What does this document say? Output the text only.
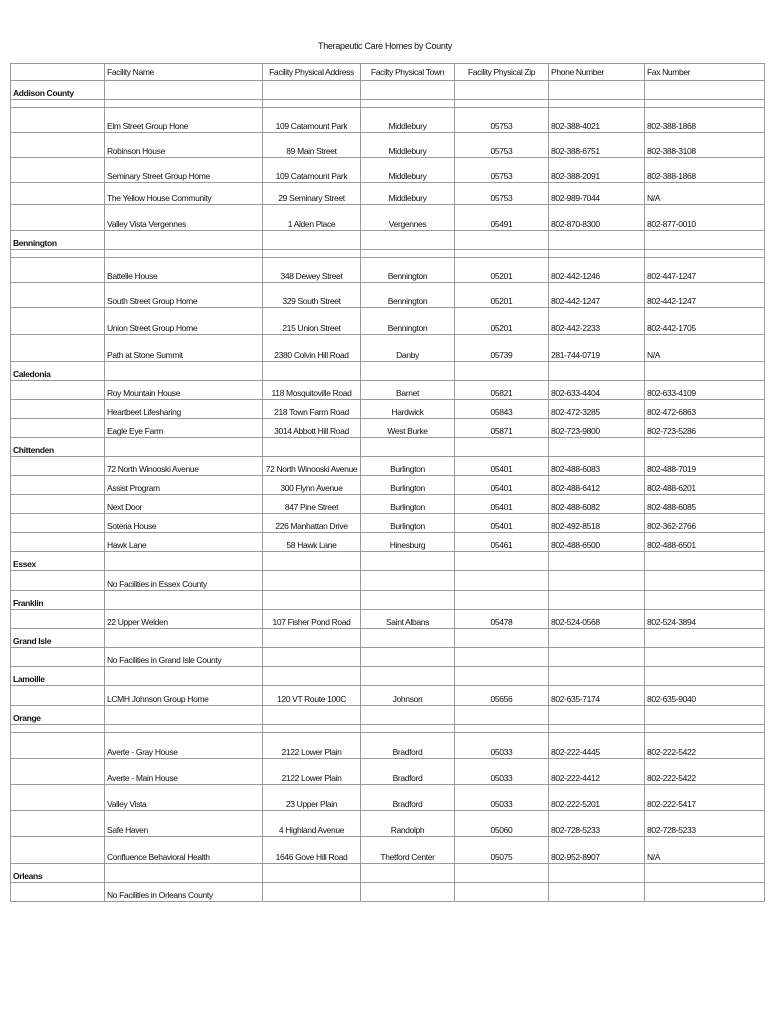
Therapeutic Care Homes by County
	Facility Name	Facility Physical Address	Facilty Physical Town	Facility Physical Zip	Phone Number	Fax Number
Addison County						

	Elm Street Group Hone	109 Catamount Park	Middlebury	05753	802-388-4021	802-388-1868
	Robinson House	89 Main Street	Middlebury	05753	802-388-6751	802-388-3108
	Seminary Street Group Home	109 Catamount Park	Middlebury	05753	802-388-2091	802-388-1868
	The Yellow House Community	29 Seminary Street	Middlebury	05753	802-989-7044	N/A
	Valley Vista Vergennes	1 Alden Place	Vergennes	05491	802-870-8300	802-877-0010
Bennington						

	Battelle House	348 Dewey Street	Bennington	05201	802-442-1246	802-447-1247
	South Street Group Home	329 South Street	Bennington	05201	802-442-1247	802-442-1247
	Union Street Group Home	215 Union Street	Bennington	05201	802-442-2233	802-442-1705
	Path at Stone Summit	2380 Colvin Hill Road	Danby	05739	281-744-0719	N/A
Caledonia						
	Roy Mountain House	118 Mosquitoville Road	Barnet	05821	802-633-4404	802-633-4109
	Heartbeet Lifesharing	218 Town Farm Road	Hardwick	05843	802-472-3285	802-472-6863
	Eagle Eye Farm	3014 Abbott Hill Road	West Burke	05871	802-723-9800	802-723-5286
Chittenden						
	72 North Winooski Avenue	72 North Winooski Avenue	Burlington	05401	802-488-6083	802-488-7019
	Assist Program	300 Flynn Avenue	Burlington	05401	802-488-6412	802-488-6201
	Next Door	847 Pine Street	Burlington	05401	802-488-6082	802-488-6085
	Soteria House	226 Manhattan Drive	Burlington	05401	802-492-8518	802-362-2766
	Hawk Lane	58 Hawk Lane	Hinesburg	05461	802-488-6500	802-488-6501
Essex						
	No Facilities in Essex County					
Franklin						
	22 Upper Welden	107 Fisher Pond Road	Saint Albans	05478	802-524-0568	802-524-3894
Grand Isle						
	No Facilities in Grand Isle County					
Lamoille						
	LCMH Johnson Group Home	120 VT Route 100C	Johnson	05656	802-635-7174	802-635-9040
Orange						

	Averte - Gray House	2122 Lower Plain	Bradford	05033	802-222-4445	802-222-5422
	Averte - Main House	2122 Lower Plain	Bradford	05033	802-222-4412	802-222-5422
	Valley Vista	23 Upper Plain	Bradford	05033	802-222-5201	802-222-5417
	Safe Haven	4 Highland Avenue	Randolph	05060	802-728-5233	802-728-5233
	Confluence Behavioral Health	1646 Gove Hill Road	Thetford Center	05075	802-952-8907	N/A
Orleans						
	No Facilities in Orleans County					
